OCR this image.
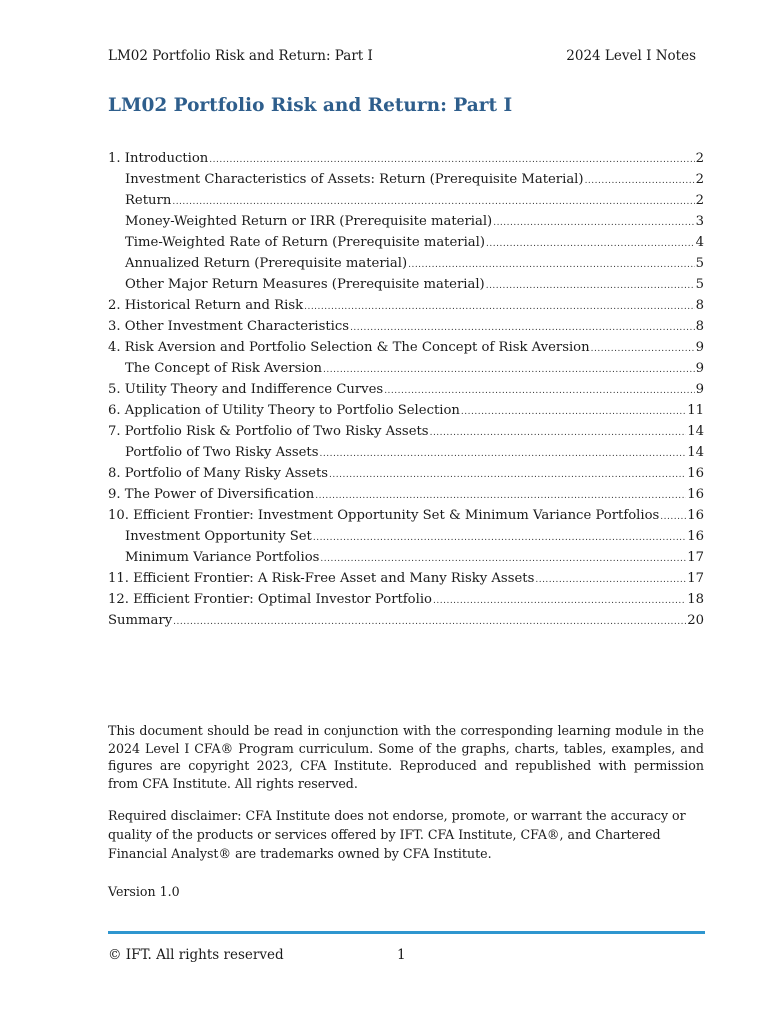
LM02 Portfolio Risk and Return: Part I	2024 Level I Notes
LM02 Portfolio Risk and Return: Part I
1. Introduction .....	2
Investment Characteristics of Assets: Return (Prerequisite Material) .....	2
Return .....	2
Money-Weighted Return or IRR (Prerequisite material) .....	3
Time-Weighted Rate of Return (Prerequisite material) .....	4
Annualized Return (Prerequisite material) .....	5
Other Major Return Measures (Prerequisite material) .....	5
2. Historical Return and Risk .....	8
3. Other Investment Characteristics .....	8
4. Risk Aversion and Portfolio Selection & The Concept of Risk Aversion .....	9
The Concept of Risk Aversion .....	9
5. Utility Theory and Indifference Curves .....	9
6. Application of Utility Theory to Portfolio Selection .....	11
7. Portfolio Risk & Portfolio of Two Risky Assets .....	14
Portfolio of Two Risky Assets .....	14
8. Portfolio of Many Risky Assets .....	16
9. The Power of Diversification .....	16
10. Efficient Frontier: Investment Opportunity Set & Minimum Variance Portfolios ..... 16
Investment Opportunity Set .....	16
Minimum Variance Portfolios .....	17
11. Efficient Frontier: A Risk-Free Asset and Many Risky Assets .....	17
12. Efficient Frontier: Optimal Investor Portfolio .....	18
Summary .....	20

This document should be read in conjunction with the corresponding learning module in the 2024 Level I CFA® Program curriculum. Some of the graphs, charts, tables, examples, and figures are copyright 2023, CFA Institute. Reproduced and republished with permission from CFA Institute. All rights reserved.

Required disclaimer: CFA Institute does not endorse, promote, or warrant the accuracy or quality of the products or services offered by IFT. CFA Institute, CFA®, and Chartered Financial Analyst® are trademarks owned by CFA Institute.

Version 1.0

© IFT. All rights reserved	1
